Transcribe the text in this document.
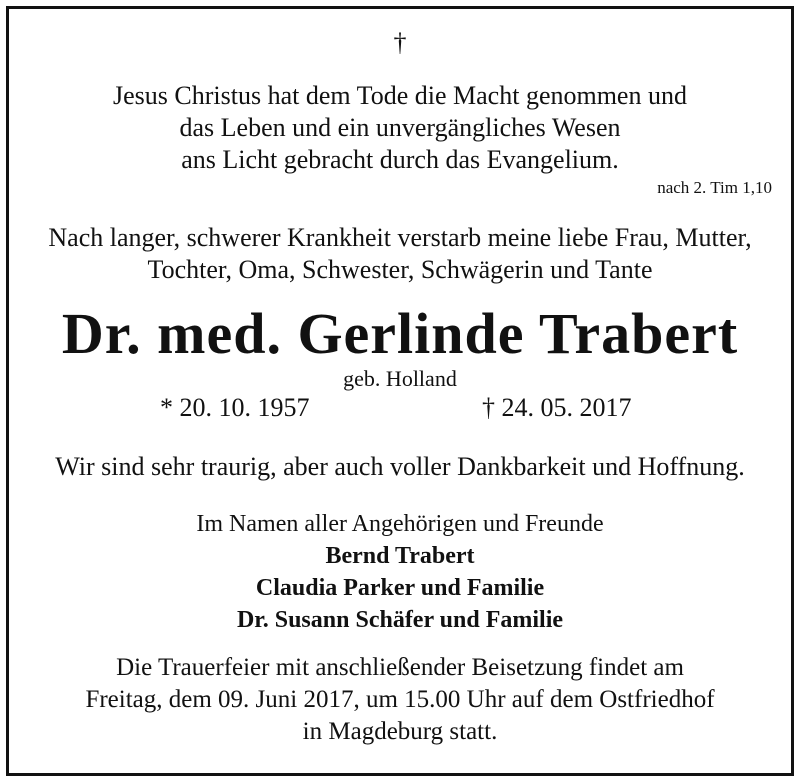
†
Jesus Christus hat dem Tode die Macht genommen und
das Leben und ein unvergängliches Wesen
ans Licht gebracht durch das Evangelium.
nach 2. Tim 1,10
Nach langer, schwerer Krankheit verstarb meine liebe Frau, Mutter,
Tochter, Oma, Schwester, Schwägerin und Tante
Dr. med. Gerlinde Trabert
geb. Holland
* 20. 10. 1957	† 24. 05. 2017
Wir sind sehr traurig, aber auch voller Dankbarkeit und Hoffnung.
Im Namen aller Angehörigen und Freunde
Bernd Trabert
Claudia Parker und Familie
Dr. Susann Schäfer und Familie
Die Trauerfeier mit anschließender Beisetzung findet am
Freitag, dem 09. Juni 2017, um 15.00 Uhr auf dem Ostfriedhof
in Magdeburg statt.
